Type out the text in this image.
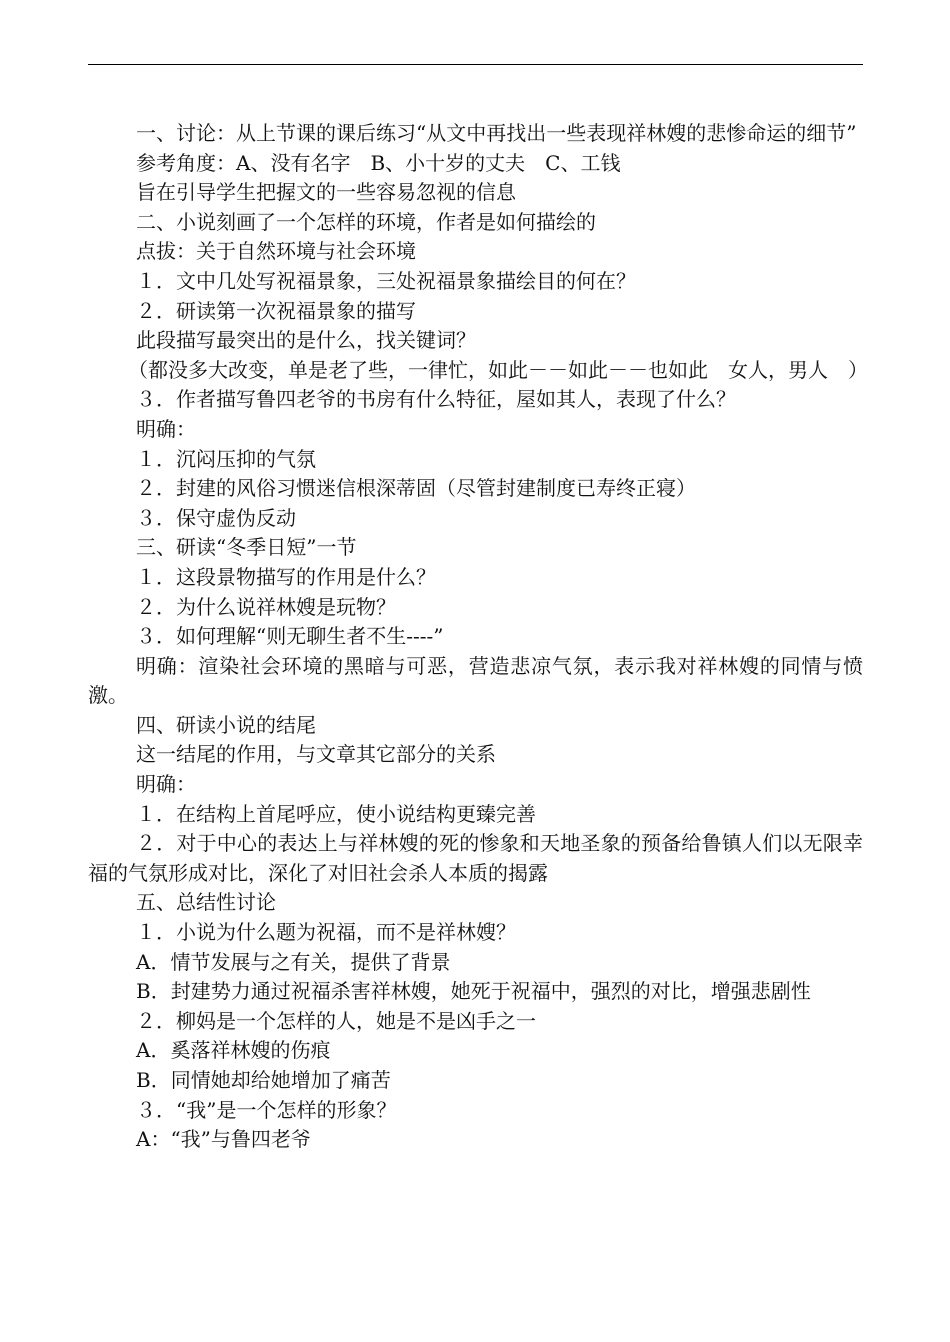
一、讨论：从上节课的课后练习“从文中再找出一些表现祥林嫂的悲惨命运的细节”
参考角度：A、没有名字　B、小十岁的丈夫　C、工钱
旨在引导学生把握文的一些容易忽视的信息
二、小说刻画了一个怎样的环境，作者是如何描绘的
点拔：关于自然环境与社会环境
１．文中几处写祝福景象，三处祝福景象描绘目的何在？
２．研读第一次祝福景象的描写
此段描写最突出的是什么，找关键词？
（都没多大改变，单是老了些，一律忙，如此－－如此－－也如此　女人，男人　）
３．作者描写鲁四老爷的书房有什么特征，屋如其人，表现了什么？
明确：
１．沉闷压抑的气氛
２．封建的风俗习惯迷信根深蒂固（尽管封建制度已寿终正寝）
３．保守虚伪反动
三、研读“冬季日短”一节
１．这段景物描写的作用是什么？
２．为什么说祥林嫂是玩物？
３．如何理解“则无聊生者不生----”
明确：渲染社会环境的黑暗与可恶，营造悲凉气氛，表示我对祥林嫂的同情与愤激。
四、研读小说的结尾
这一结尾的作用，与文章其它部分的关系
明确：
１．在结构上首尾呼应，使小说结构更臻完善
２．对于中心的表达上与祥林嫂的死的惨象和天地圣象的预备给鲁镇人们以无限幸福的气氛形成对比，深化了对旧社会杀人本质的揭露
五、总结性讨论
１．小说为什么题为祝福，而不是祥林嫂？
A．情节发展与之有关，提供了背景
B．封建势力通过祝福杀害祥林嫂，她死于祝福中，强烈的对比，增强悲剧性
２．柳妈是一个怎样的人，她是不是凶手之一
A．奚落祥林嫂的伤痕
B．同情她却给她增加了痛苦
３．“我”是一个怎样的形象？
A：“我”与鲁四老爷
